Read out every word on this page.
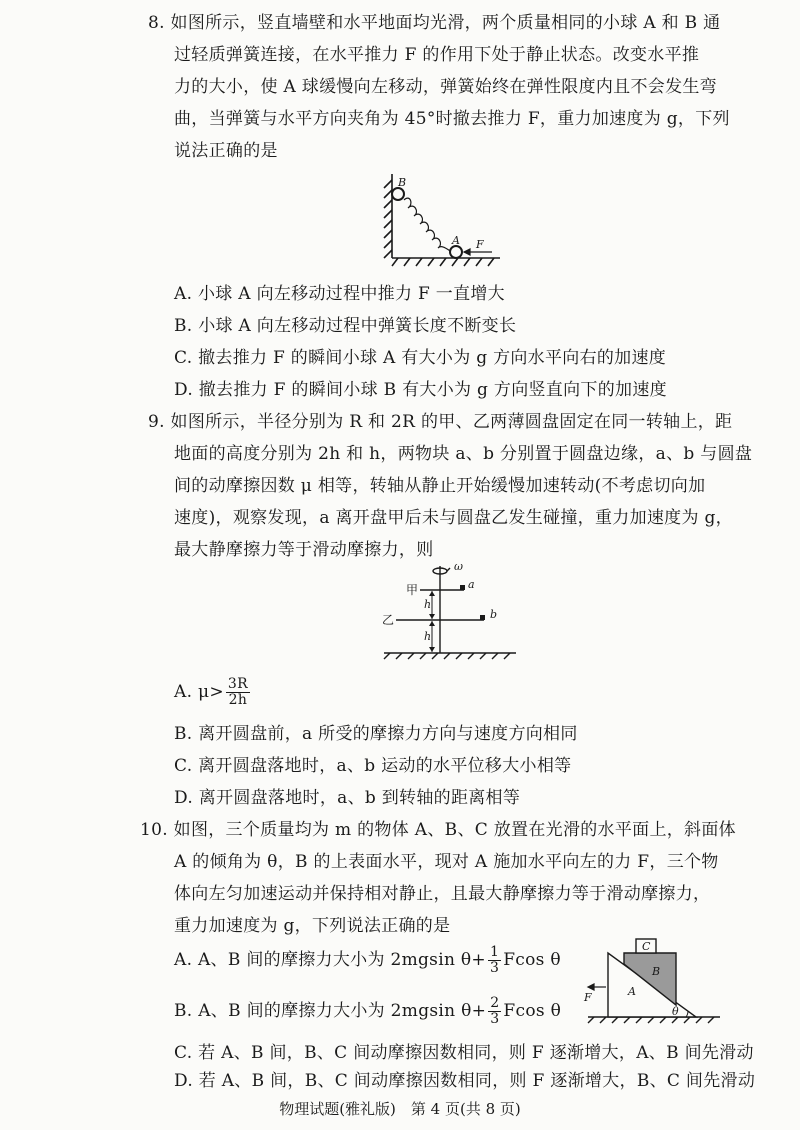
8. 如图所示，竖直墙壁和水平地面均光滑，两个质量相同的小球 A 和 B 通
过轻质弹簧连接，在水平推力 F 的作用下处于静止状态。改变水平推
力的大小，使 A 球缓慢向左移动，弹簧始终在弹性限度内且不会发生弯
曲，当弹簧与水平方向夹角为 45°时撤去推力 F，重力加速度为 g，下列
说法正确的是
B
A F
A. 小球 A 向左移动过程中推力 F 一直增大
B. 小球 A 向左移动过程中弹簧长度不断变长
C. 撤去推力 F 的瞬间小球 A 有大小为 g 方向水平向右的加速度
D. 撤去推力 F 的瞬间小球 B 有大小为 g 方向竖直向下的加速度
9. 如图所示，半径分别为 R 和 2R 的甲、乙两薄圆盘固定在同一转轴上，距
地面的高度分别为 2h 和 h，两物块 a、b 分别置于圆盘边缘，a、b 与圆盘
间的动摩擦因数 μ 相等，转轴从静止开始缓慢加速转动(不考虑切向加
速度)，观察发现，a 离开盘甲后未与圆盘乙发生碰撞，重力加速度为 g，
最大静摩擦力等于滑动摩擦力，则
ω
甲
乙
a
b
h
h
A. $\mu> \frac{3R}{2h}$
B. 离开圆盘前，a 所受的摩擦力方向与速度方向相同
C. 离开圆盘落地时，a、b 运动的水平位移大小相等
D. 离开圆盘落地时，a、b 到转轴的距离相等
10. 如图，三个质量均为 m 的物体 A、B、C 放置在光滑的水平面上，斜面体
A 的倾角为 θ，B 的上表面水平，现对 A 施加水平向左的力 F，三个物
体向左匀加速运动并保持相对静止，且最大静摩擦力等于滑动摩擦力，
重力加速度为 g，下列说法正确的是
A. A、B 间的摩擦力大小为 2mgsin $\theta+ \frac{1}{3}$ Fcos θ
B. A、B 间的摩擦力大小为 2mgsin $\theta+ \frac{2}{3}$ Fcos θ
C. 若 A、B 间，B、C 间动摩擦因数相同，则 F 逐渐增大，A、B 间先滑动
D. 若 A、B 间，B、C 间动摩擦因数相同，则 F 逐渐增大，B、C 间先滑动
C
B
A
F
θ
物理试题(雅礼版)　第 4 页(共 8 页)
